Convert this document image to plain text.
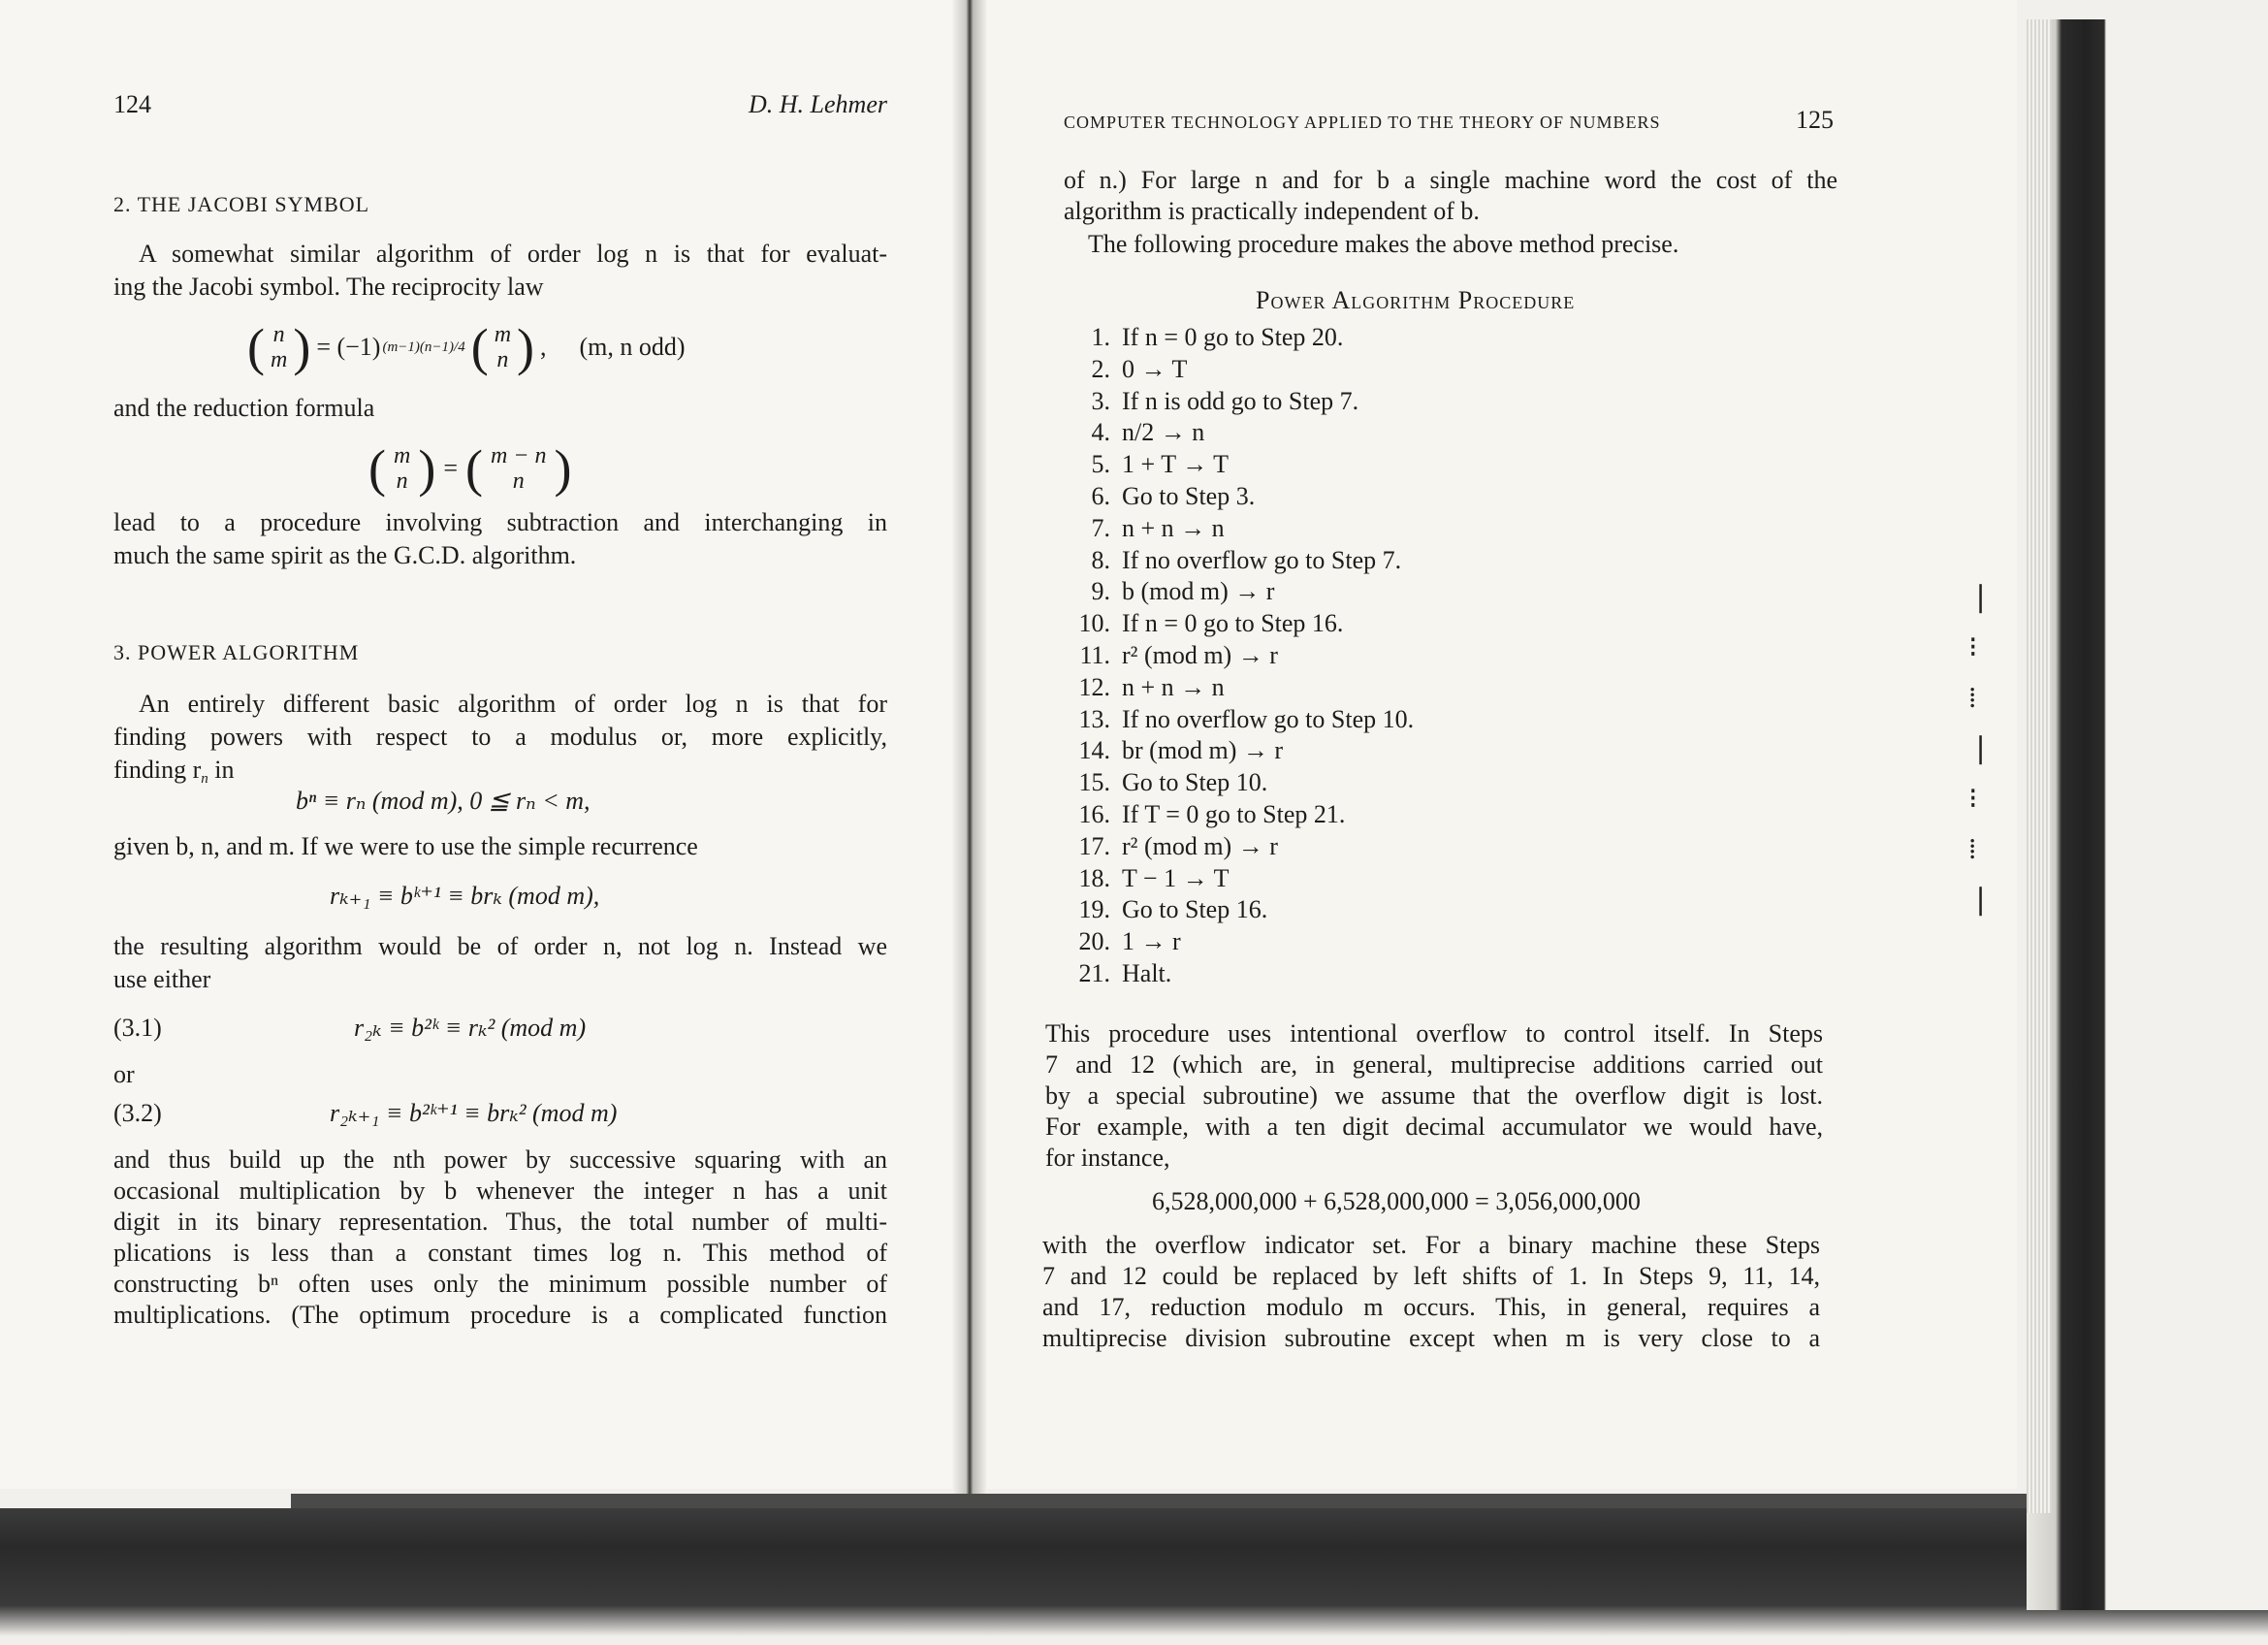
❘
⁝
⁞
❘
⁝
⁞
❘
124	D. H. Lehmer
2. THE JACOBI SYMBOL
A somewhat similar algorithm of order log n is that for evaluat-
ing the Jacobi symbol. The reciprocity law
( n
m ) = (−1) (m−1)(n−1)/4 ( m
n ) , (m, n odd)
and the reduction formula
( m
n ) = ( m − n
n )
lead to a procedure involving subtraction and interchanging in
much the same spirit as the G.C.D. algorithm.
3. POWER ALGORITHM
An entirely different basic algorithm of order log n is that for
finding powers with respect to a modulus or, more explicitly,
finding $r_n$ in
bⁿ ≡ rₙ (mod m), 0 ≦ rₙ < m,
given b, n, and m. If we were to use the simple recurrence
rₖ₊₁ ≡ bᵏ⁺¹ ≡ brₖ (mod m),
the resulting algorithm would be of order n, not log n. Instead we
use either
(3.1)	r₂ₖ ≡ b²ᵏ ≡ rₖ² (mod m)
or
(3.2)	r₂ₖ₊₁ ≡ b²ᵏ⁺¹ ≡ brₖ² (mod m)
and thus build up the nth power by successive squaring with an
occasional multiplication by b whenever the integer n has a unit
digit in its binary representation. Thus, the total number of multi-
plications is less than a constant times log n. This method of
constructing bⁿ often uses only the minimum possible number of
multiplications. (The optimum procedure is a complicated function
COMPUTER TECHNOLOGY APPLIED TO THE THEORY OF NUMBERS	125
of n.) For large n and for b a single machine word the cost of the
algorithm is practically independent of b.
The following procedure makes the above method precise.
Power Algorithm Procedure
1. If n = 0 go to Step 20.
2. 0 → T
3. If n is odd go to Step 7.
4. n/2 → n
5. 1 + T → T
6. Go to Step 3.
7. n + n → n
8. If no overflow go to Step 7.
9. b (mod m) → r
10. If n = 0 go to Step 16.
11. r² (mod m) → r
12. n + n → n
13. If no overflow go to Step 10.
14. br (mod m) → r
15. Go to Step 10.
16. If T = 0 go to Step 21.
17. r² (mod m) → r
18. T − 1 → T
19. Go to Step 16.
20. 1 → r
21. Halt.
This procedure uses intentional overflow to control itself. In Steps
7 and 12 (which are, in general, multiprecise additions carried out
by a special subroutine) we assume that the overflow digit is lost.
For example, with a ten digit decimal accumulator we would have,
for instance,
6,528,000,000 + 6,528,000,000 = 3,056,000,000
with the overflow indicator set. For a binary machine these Steps
7 and 12 could be replaced by left shifts of 1. In Steps 9, 11, 14,
and 17, reduction modulo m occurs. This, in general, requires a
multiprecise division subroutine except when m is very close to a
